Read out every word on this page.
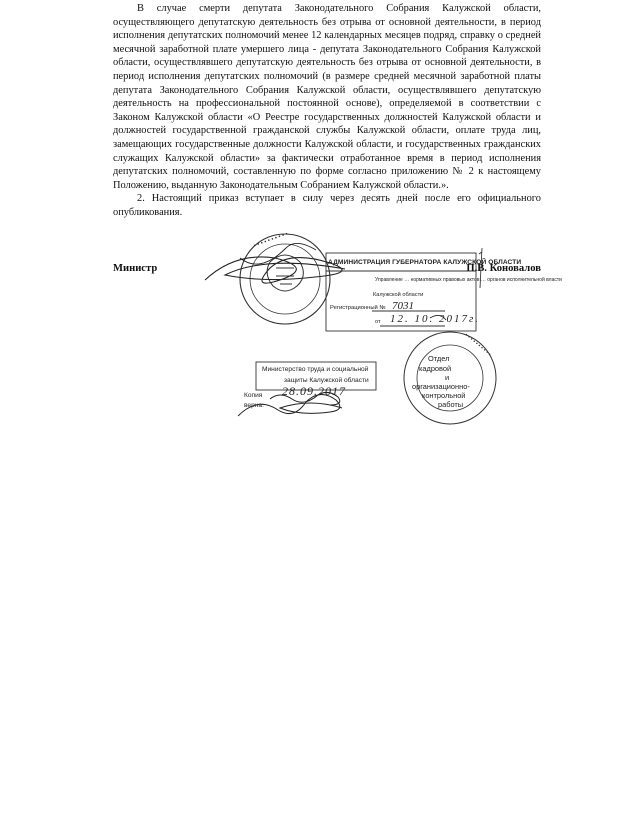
В случае смерти депутата Законодательного Собрания Калужской области, осуществляющего депутатскую деятельность без отрыва от основной деятельности, в период исполнения депутатских полномочий менее 12 календарных месяцев подряд, справку о средней месячной заработной плате умершего лица - депутата Законодательного Собрания Калужской области, осуществлявшего депутатскую деятельность без отрыва от основной деятельности, в период исполнения депутатских полномочий (в размере средней месячной заработной платы депутата Законодательного Собрания Калужской области, осуществлявшего депутатскую деятельность на профессиональной постоянной основе), определяемой в соответствии с Законом Калужской области «О Реестре государственных должностей Калужской области и должностей государственной гражданской службы Калужской области, оплате труда лиц, замещающих государственные должности Калужской области, и государственных гражданских служащих Калужской области» за фактически отработанное время в период исполнения депутатских полномочий, составленную по форме согласно приложению № 2 к настоящему Положению, выданную Законодательным Собранием Калужской области.».

2. Настоящий приказ вступает в силу через десять дней после его официального опубликования.

• • • • • • • • • •
• • • • • • • • • •
Министр	П.В. Коновалов
АДМИНИСТРАЦИЯ ГУБЕРНАТОРА КАЛУЖСКОЙ ОБЛАСТИ
Управление … нормативных правовых актов … органов исполнительной власти
Калужской области
Регистрационный № 7031
от 12. 10. 2017г.
Министерство труда и социальной
защиты Калужской области
28.09.2017
Копия
верна:
Отдел
кадровой
и
организационно-
контрольной
работы
